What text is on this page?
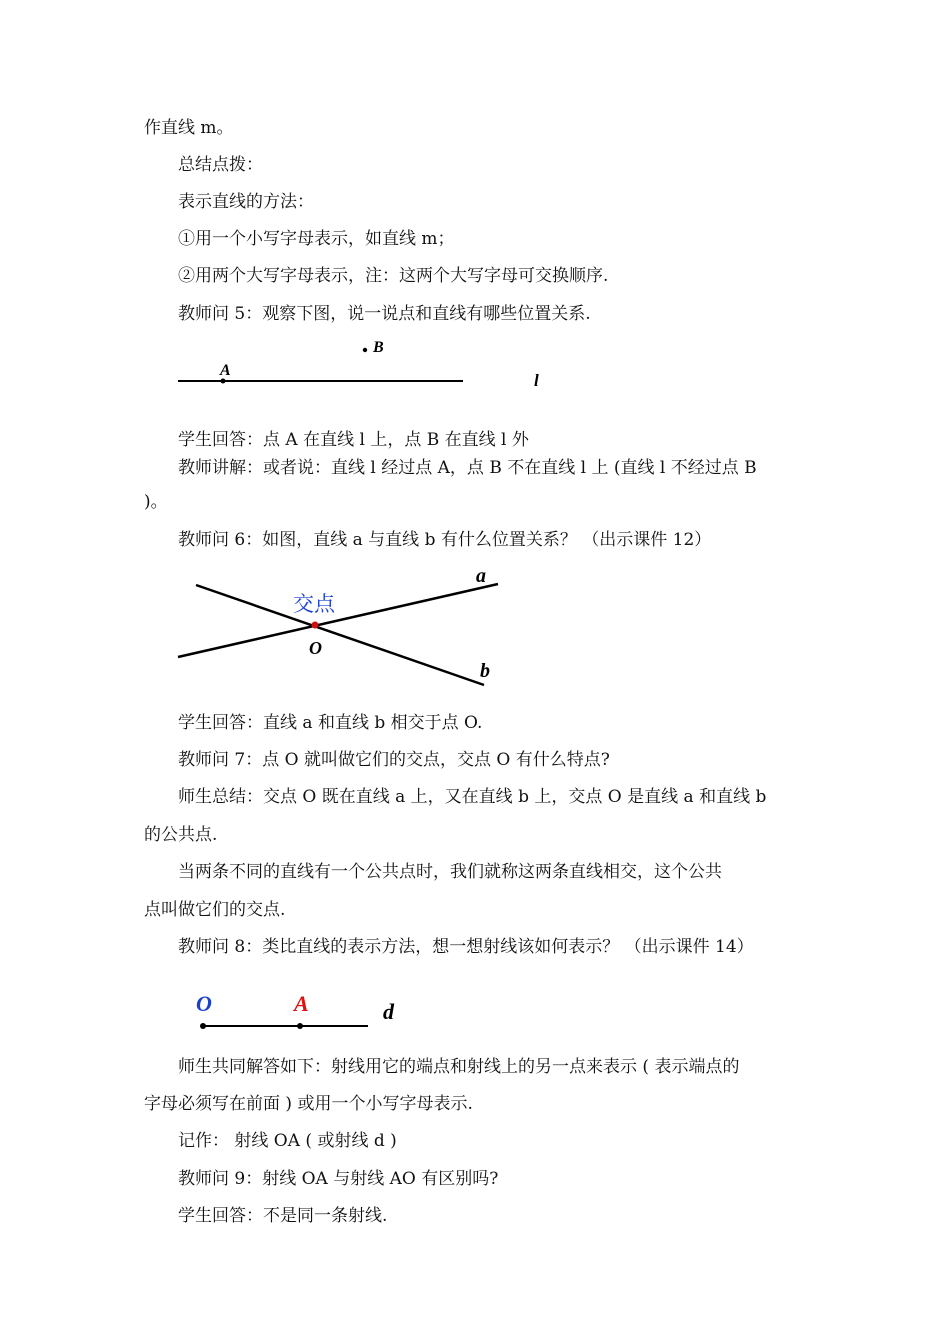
作直线 m。
总结点拨：
表示直线的方法：
①用一个小写字母表示，如直线 m；
②用两个大写字母表示，注：这两个大写字母可交换顺序.
教师问 5：观察下图，说一说点和直线有哪些位置关系.
A
B
l
学生回答：点 A 在直线 l 上，点 B 在直线 l 外
教师讲解：或者说：直线 l 经过点 A，点 B 不在直线 l 上 (直线 l 不经过点 B
)。
教师问 6：如图，直线 a 与直线 b 有什么位置关系？ （出示课件 12）
a
b
交点
O
学生回答：直线 a 和直线 b 相交于点 O.
教师问 7：点 O 就叫做它们的交点，交点 O 有什么特点?
师生总结：交点 O 既在直线 a 上，又在直线 b 上，交点 O 是直线 a 和直线 b
的公共点.
当两条不同的直线有一个公共点时，我们就称这两条直线相交，这个公共
点叫做它们的交点.
教师问 8：类比直线的表示方法，想一想射线该如何表示？ （出示课件 14）
O	A	d
师生共同解答如下：射线用它的端点和射线上的另一点来表示 ( 表示端点的
字母必须写在前面 ) 或用一个小写字母表示.
记作： 射线 OA ( 或射线 d )
教师问 9：射线 OA 与射线 AO 有区别吗?
学生回答：不是同一条射线.
